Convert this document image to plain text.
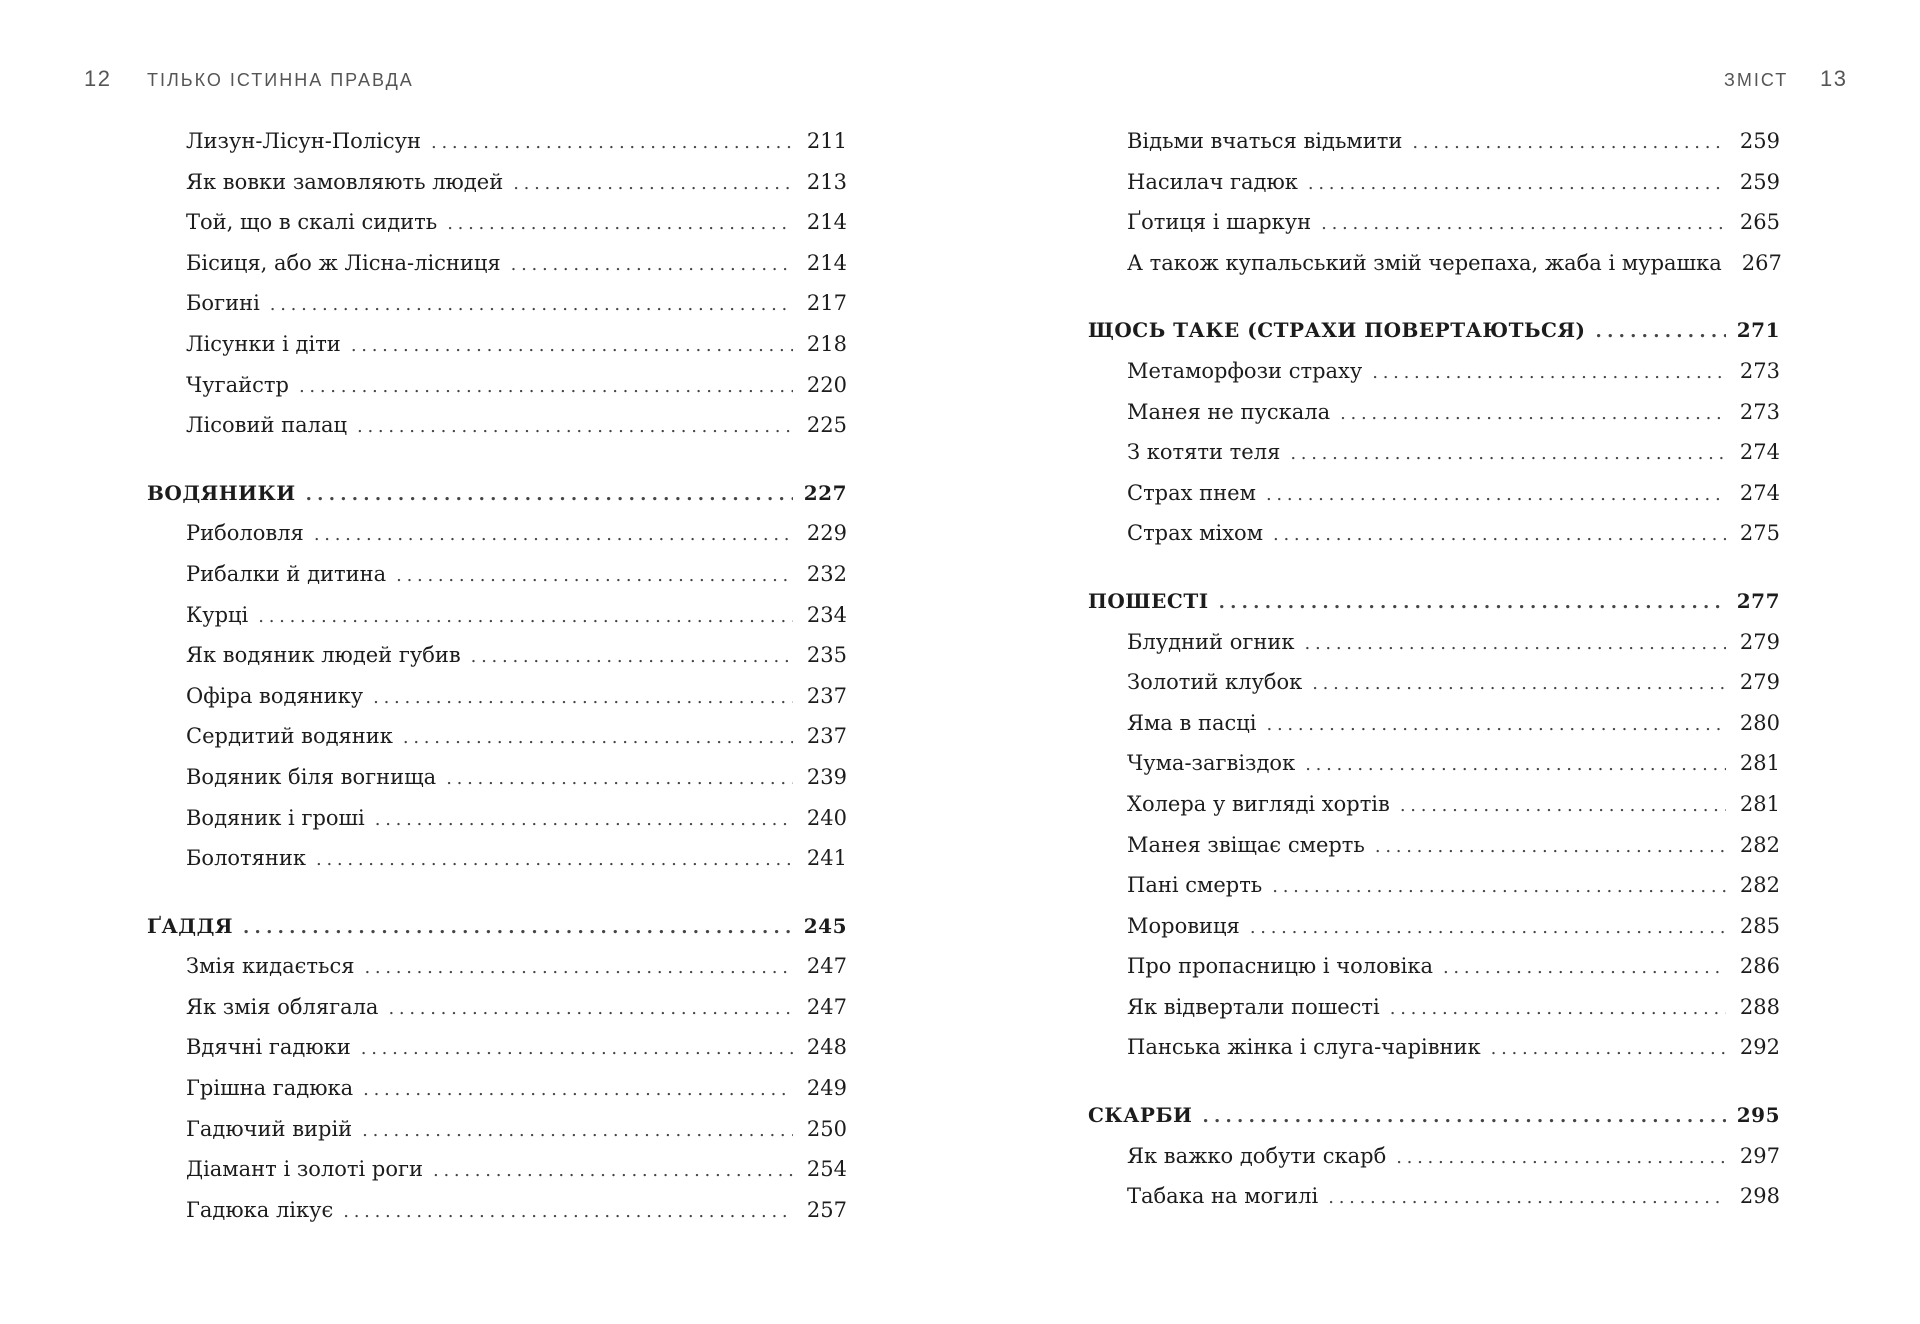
12 ТІЛЬКО ІСТИННА ПРАВДА	ЗМІСТ 13
Лизун-Лісун-Полісун . . .	211
Як вовки замовляють людей . . .	213
Той, що в скалі сидить . . .	214
Бісиця, або ж Лісна-лісниця . . .	214
Богині . . .	217
Лісунки і діти . . .	218
Чугайстр . . .	220
Лісовий палац . . .	225
ВОДЯНИКИ . . .	227
Риболовля . . .	229
Рибалки й дитина . . .	232
Курці . . .	234
Як водяник людей губив . . .	235
Офіра водянику . . .	237
Сердитий водяник . . .	237
Водяник біля вогнища . . .	239
Водяник і гроші . . .	240
Болотяник . . .	241
ҐАДДЯ . . .	245
Змія кидається . . .	247
Як змія облягала . . .	247
Вдячні гадюки . . .	248
Грішна гадюка . . .	249
Гадючий вирій . . .	250
Діамант і золоті роги . . .	254
Гадюка лікує . . .	257
Відьми вчаться відьмити . . .	259
Насилач гадюк . . .	259
Ґотиця і шаркун . . .	265
А також купальський змій черепаха, жаба і мурашка 267
ЩОСЬ ТАКЕ (СТРАХИ ПОВЕРТАЮТЬСЯ) . . .	271
Метаморфози страху . . .	273
Манея не пускала . . .	273
З котяти теля . . .	274
Страх пнем . . .	274
Страх міхом . . .	275
ПОШЕСТІ . . .	277
Блудний огник . . .	279
Золотий клубок . . .	279
Яма в пасці . . .	280
Чума-загвіздок . . .	281
Холера у вигляді хортів . . .	281
Манея звіщає смерть . . .	282
Пані смерть . . .	282
Моровиця . . .	285
Про пропасницю і чоловіка . . .	286
Як відвертали пошесті . . .	288
Панська жінка і слуга-чарівник . . .	292
СКАРБИ . . .	295
Як важко добути скарб . . .	297
Табака на могилі . . .	298
